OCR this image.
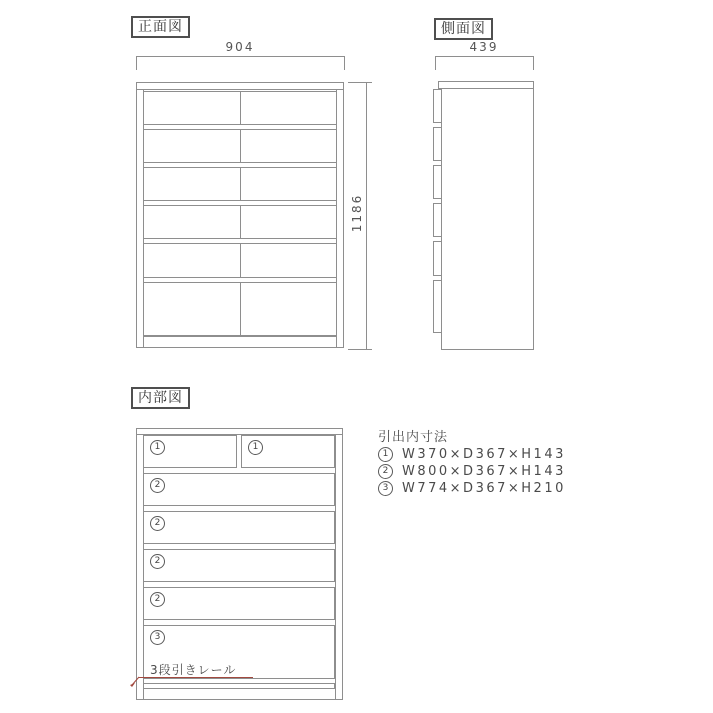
正面図
904
1186
側面図
439
内部図
1	1
2
2
2
2
3
3段引きレール
引出内寸法
1	W370×D367×H143
2	W800×D367×H143
3	W774×D367×H210
